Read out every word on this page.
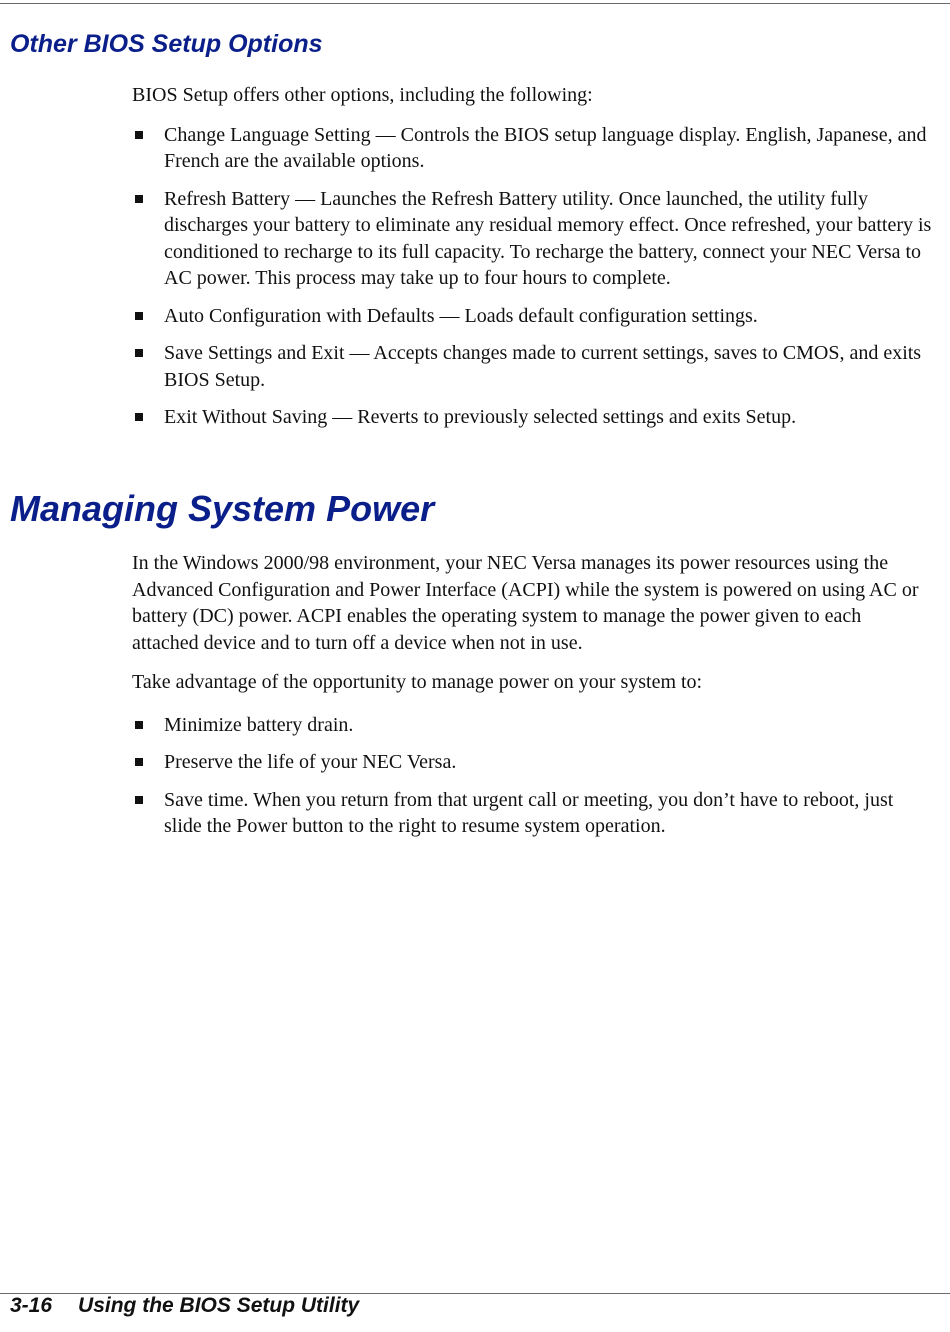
Other BIOS Setup Options

BIOS Setup offers other options, including the following:

Change Language Setting — Controls the BIOS setup language display. English, Japanese, and French are the available options.
Refresh Battery — Launches the Refresh Battery utility. Once launched, the utility fully discharges your battery to eliminate any residual memory effect. Once refreshed, your battery is conditioned to recharge to its full capacity. To recharge the battery, connect your NEC Versa to AC power. This process may take up to four hours to complete.
Auto Configuration with Defaults — Loads default configuration settings.
Save Settings and Exit — Accepts changes made to current settings, saves to CMOS, and exits BIOS Setup.
Exit Without Saving — Reverts to previously selected settings and exits Setup.
Managing System Power

In the Windows 2000/98 environment, your NEC Versa manages its power resources using the Advanced Configuration and Power Interface (ACPI) while the system is powered on using AC or battery (DC) power. ACPI enables the operating system to manage the power given to each attached device and to turn off a device when not in use.

Take advantage of the opportunity to manage power on your system to:

Minimize battery drain.
Preserve the life of your NEC Versa.
Save time. When you return from that urgent call or meeting, you don’t have to reboot, just slide the Power button to the right to resume system operation.
3-16 Using the BIOS Setup Utility
